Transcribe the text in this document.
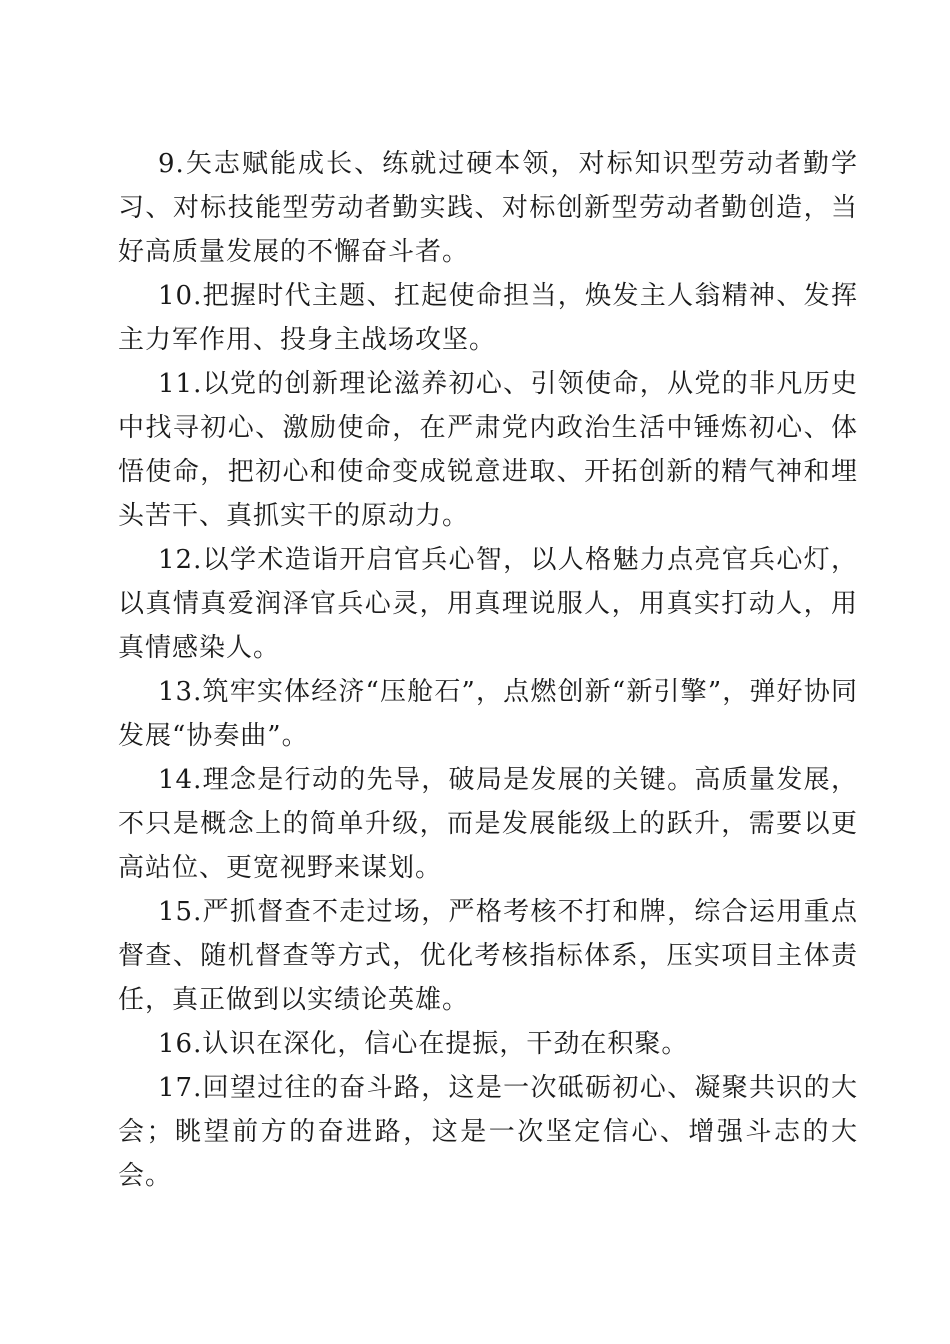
9.矢志赋能成长、练就过硬本领，对标知识型劳动者勤学习、对标技能型劳动者勤实践、对标创新型劳动者勤创造，当好高质量发展的不懈奋斗者。

10.把握时代主题、扛起使命担当，焕发主人翁精神、发挥主力军作用、投身主战场攻坚。

11.以党的创新理论滋养初心、引领使命，从党的非凡历史中找寻初心、激励使命，在严肃党内政治生活中锤炼初心、体悟使命，把初心和使命变成锐意进取、开拓创新的精气神和埋头苦干、真抓实干的原动力。

12.以学术造诣开启官兵心智，以人格魅力点亮官兵心灯，以真情真爱润泽官兵心灵，用真理说服人，用真实打动人，用真情感染人。

13.筑牢实体经济“压舱石”，点燃创新“新引擎”，弹好协同发展“协奏曲”。

14.理念是行动的先导，破局是发展的关键。高质量发展，不只是概念上的简单升级，而是发展能级上的跃升，需要以更高站位、更宽视野来谋划。

15.严抓督查不走过场，严格考核不打和牌，综合运用重点督查、随机督查等方式，优化考核指标体系，压实项目主体责任，真正做到以实绩论英雄。

16.认识在深化，信心在提振，干劲在积聚。

17.回望过往的奋斗路，这是一次砥砺初心、凝聚共识的大会；眺望前方的奋进路，这是一次坚定信心、增强斗志的大会。
